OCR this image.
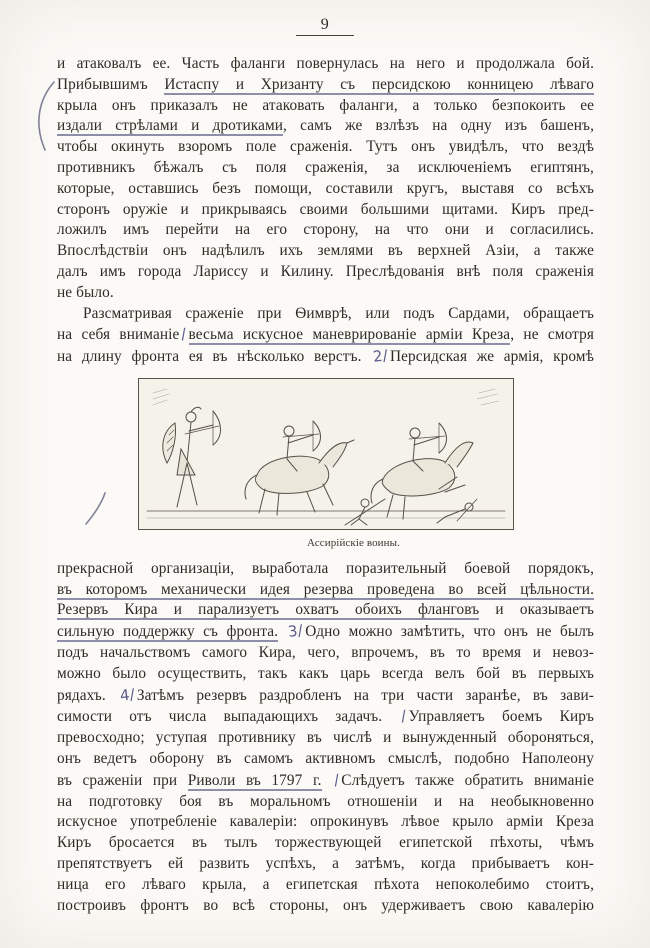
9
и атаковалъ ее. Часть фаланги повернулась на него и продолжала бой.
Прибывшимъ Истаспу и Хризанту съ персидскою конницею лѣваго
крыла онъ приказалъ не атаковать фаланги, а только безпокоить ее
издали стрѣлами и дротиками, самъ же взлѣзъ на одну изъ башенъ,
чтобы окинуть взоромъ поле сраженія. Тутъ онъ увидѣлъ, что вездѣ
противникъ бѣжалъ съ поля сраженія, за исключеніемъ египтянъ,
которые, оставшись безъ помощи, составили кругъ, выставя со всѣхъ
сторонъ оружіе и прикрываясь своими большими щитами. Киръ пред-
ложилъ имъ перейти на его сторону, на что они и согласились.
Впослѣдствіи онъ надѣлилъ ихъ землями въ верхней Азіи, а также
далъ имъ города Лариссу и Килину. Преслѣдованія внѣ поля сраженія
не было.
Разсматривая сраженіе при Ѳимврѣ, или подъ Сардами, обращаетъ
на себя вниманіе/весьма искусное маневрированіе арміи Креза, не смотря
на длину фронта ея въ нѣсколько верстъ. 2/Персидская же армія, кромѣ
Ассирійскіе воины.
прекрасной организаціи, выработала поразительный боевой порядокъ,
въ которомъ механически идея резерва проведена во всей цѣльности.
Резервъ Кира и парализуетъ охватъ обоихъ фланговъ и оказываетъ
сильную поддержку съ фронта. 3/Одно можно замѣтить, что онъ не былъ
подъ начальствомъ самого Кира, чего, впрочемъ, въ то время и невоз-
можно было осуществить, такъ какъ царь всегда велъ бой въ первыхъ
рядахъ. 4/Затѣмъ резервъ раздробленъ на три части заранѣе, въ зави-
симости отъ числа выпадающихъ задачъ. /Управляетъ боемъ Киръ
превосходно; уступая противнику въ числѣ и вынужденный обороняться,
онъ ведетъ оборону въ самомъ активномъ смыслѣ, подобно Наполеону
въ сраженіи при Риволи въ 1797 г. /Слѣдуетъ также обратить вниманіе
на подготовку боя въ моральномъ отношеніи и на необыкновенно
искусное употребленіе кавалеріи: опрокинувъ лѣвое крыло арміи Креза
Киръ бросается въ тылъ торжествующей египетской пѣхоты, чѣмъ
препятствуетъ ей развить успѣхъ, а затѣмъ, когда прибываетъ кон-
ница его лѣваго крыла, а египетская пѣхота непоколебимо стоитъ,
построивъ фронтъ во всѣ стороны, онъ удерживаетъ свою кавалерію
